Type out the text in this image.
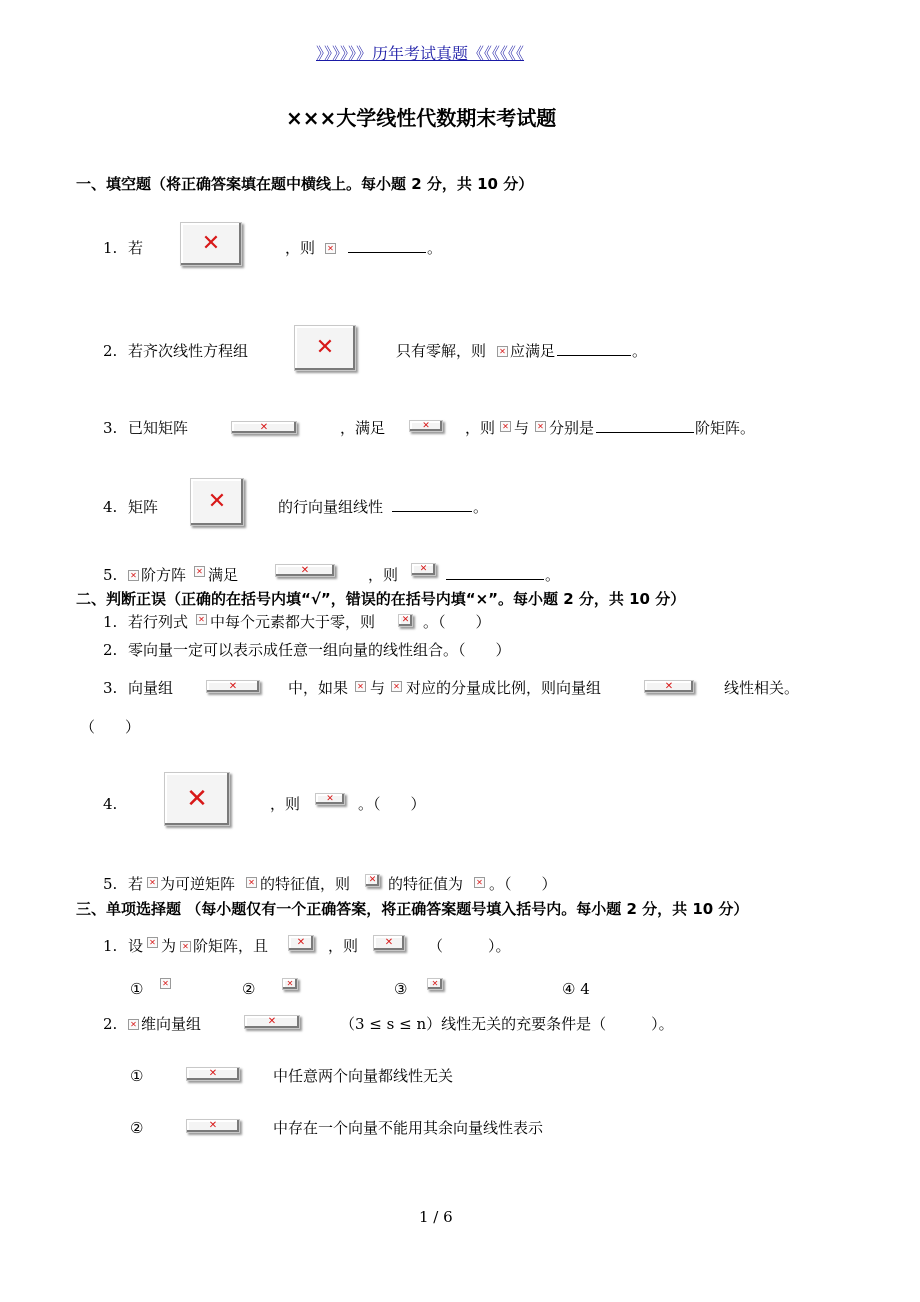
》》》》》》历年考试真题《《《《《《
×××大学线性代数期末考试题
一、填空题（将正确答案填在题中横线上。每小题 2 分，共 10 分）
1. 若	✕	，则 ✕	。
2. 若齐次线性方程组	✕	只有零解，则 ✕ 应满足	。
3. 已知矩阵	✕	，满足	✕ ，则 ✕ 与 ✕ 分别是	阶矩阵。
4. 矩阵 ✕	的行向量组线性	。
5. ✕ 阶方阵 ✕ 满足	✕	，则 ✕	。
二、判断正误（正确的在括号内填“√”，错误的在括号内填“×”。每小题 2 分，共 10 分）
1. 若行列式 ✕ 中每个元素都大于零，则	✕ 。（　　）
2. 零向量一定可以表示成任意一组向量的线性组合。（　　）
3. 向量组	✕	中，如果 ✕ 与 ✕ 对应的分量成比例，则向量组	✕	线性相关。
（　　）
4.	✕	，则	✕ 。（　　）
5. 若 ✕ 为可逆矩阵 ✕ 的特征值，则 ✕ 的特征值为 ✕ 。（　　）
三、单项选择题 （每小题仅有一个正确答案，将正确答案题号填入括号内。每小题 2 分，共 10 分）
1. 设 ✕ 为 ✕ 阶矩阵，且	✕ ，则	✕ （　　　）。
① ✕	②	✕	③	✕	④ 4
2. ✕ 维向量组	✕	（3 ≤ s ≤ n）线性无关的充要条件是（　　　）。
①	✕	中任意两个向量都线性无关
②	✕	中存在一个向量不能用其余向量线性表示
1 / 6
